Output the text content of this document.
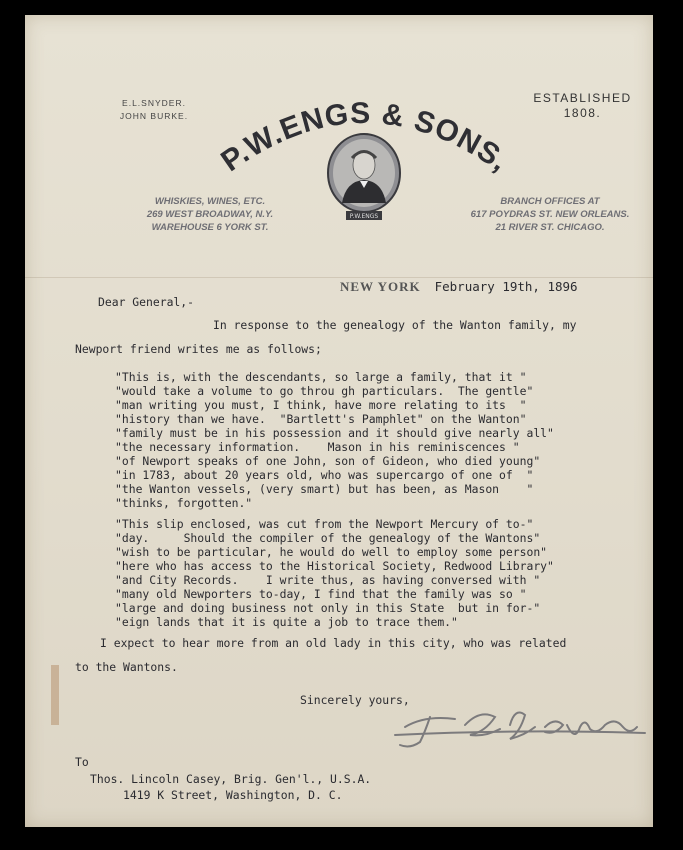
E.L.SNYDER.
JOHN BURKE.
ESTABLISHED
1808.
P.W.ENGS & SONS,
P.W.ENGS
WHISKIES, WINES, ETC.
269 WEST BROADWAY, N.Y.
WAREHOUSE 6 YORK ST.
BRANCH OFFICES AT
617 POYDRAS ST. NEW ORLEANS.
21 RIVER ST. CHICAGO.
NEW YORK February 19th, 1896
Dear General,-
In response to the genealogy of the Wanton family, my
Newport friend writes me as follows;
"This is, with the descendants, so large a family, that it "
"would take a volume to go throu gh particulars.  The gentle"
"man writing you must, I think, have more relating to its  "
"history than we have.  "Bartlett's Pamphlet" on the Wanton"
"family must be in his possession and it should give nearly all"
"the necessary information.    Mason in his reminiscences "
"of Newport speaks of one John, son of Gideon, who died young"
"in 1783, about 20 years old, who was supercargo of one of  "
"the Wanton vessels, (very smart) but has been, as Mason    "
"thinks, forgotten."
"This slip enclosed, was cut from the Newport Mercury of to-"
"day.     Should the compiler of the genealogy of the Wantons"
"wish to be particular, he would do well to employ some person"
"here who has access to the Historical Society, Redwood Library"
"and City Records.    I write thus, as having conversed with "
"many old Newporters to-day, I find that the family was so "
"large and doing business not only in this State  but in for-"
"eign lands that it is quite a job to trace them."
I expect to hear more from an old lady in this city, who was related
to the Wantons.
Sincerely yours,
To
Thos. Lincoln Casey, Brig. Gen'l., U.S.A.
1419 K Street, Washington, D. C.
